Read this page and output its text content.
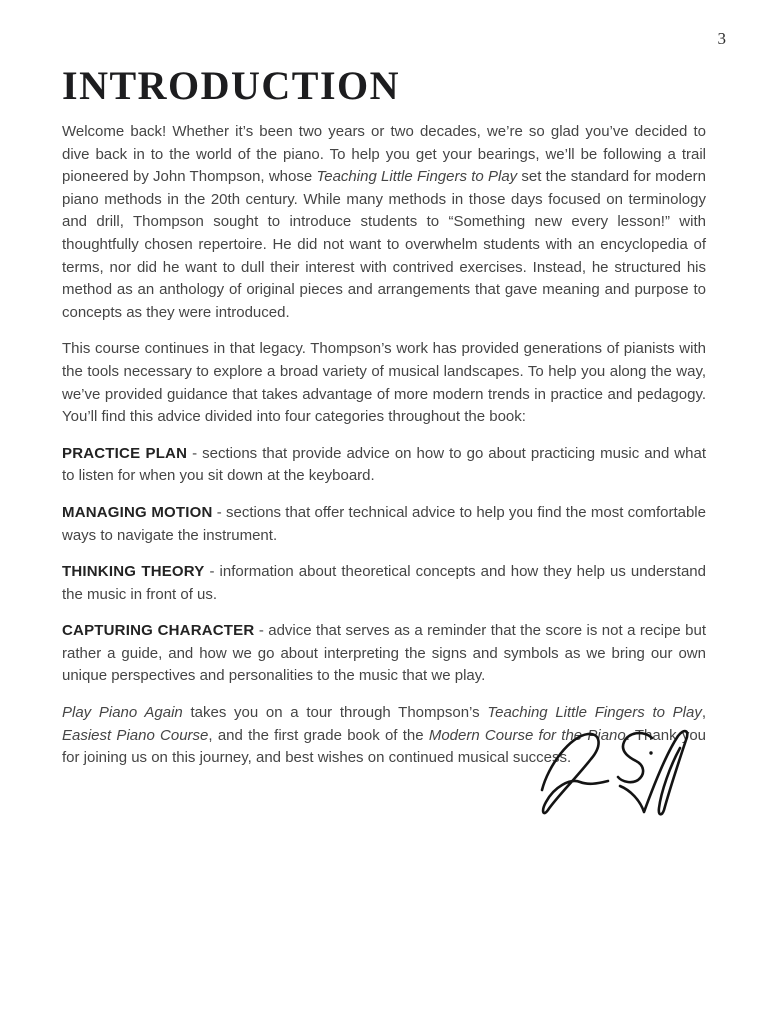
3
INTRODUCTION

Welcome back! Whether it’s been two years or two decades, we’re so glad you’ve decided to dive back in to the world of the piano. To help you get your bearings, we’ll be following a trail pioneered by John Thompson, whose Teaching Little Fingers to Play set the standard for modern piano methods in the 20th century. While many methods in those days focused on terminology and drill, Thompson sought to introduce students to “Something new every lesson!” with thoughtfully chosen repertoire. He did not want to overwhelm students with an encyclopedia of terms, nor did he want to dull their interest with contrived exercises. Instead, he structured his method as an anthology of original pieces and arrangements that gave meaning and purpose to concepts as they were introduced.

This course continues in that legacy. Thompson’s work has provided generations of pianists with the tools necessary to explore a broad variety of musical landscapes. To help you along the way, we’ve provided guidance that takes advantage of more modern trends in practice and pedagogy. You’ll find this advice divided into four categories throughout the book:

PRACTICE PLAN - sections that provide advice on how to go about practicing music and what to listen for when you sit down at the keyboard.

MANAGING MOTION - sections that offer technical advice to help you find the most comfortable ways to navigate the instrument.

THINKING THEORY - information about theoretical concepts and how they help us understand the music in front of us.

CAPTURING CHARACTER - advice that serves as a reminder that the score is not a recipe but rather a guide, and how we go about interpreting the signs and symbols as we bring our own unique perspectives and personalities to the music that we play.

Play Piano Again takes you on a tour through Thompson’s Teaching Little Fingers to Play, Easiest Piano Course, and the first grade book of the Modern Course for the Piano. Thank you for joining us on this journey, and best wishes on continued musical success.
